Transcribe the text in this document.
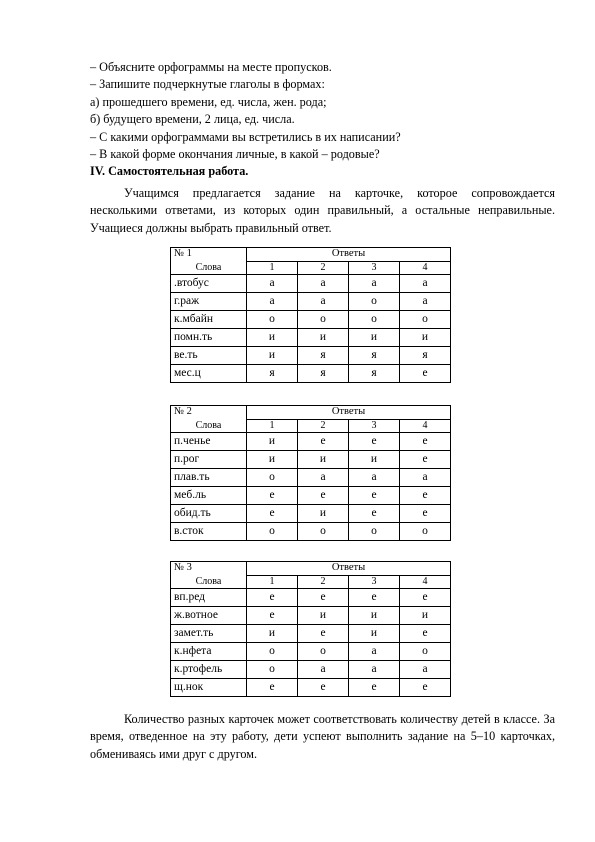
– Объясните орфограммы на месте пропусков.
– Запишите подчеркнутые глаголы в формах:
а) прошедшего времени, ед. числа, жен. рода;
б) будущего времени, 2 лица, ед. числа.
– С какими орфограммами вы встретились в их написании?
– В какой форме окончания личные, в какой – родовые?
IV. Самостоятельная работа.

Учащимся предлагается задание на карточке, которое сопровождается несколькими ответами, из которых один правильный, а остальные неправильные. Учащиеся должны выбрать правильный ответ.

№ 1	Ответы			
Слова	1	2	3	4
.втобус	а	а	а	а
г.раж	а	а	о	а
к.мбайн	о	о	о	о
помн.ть	и	и	и	и
ве.ть	и	я	я	я
мес.ц	я	я	я	е
№ 2	Ответы			
Слова	1	2	3	4
п.ченье	и	е	е	е
п.рог	и	и	и	е
плав.ть	о	а	а	а
меб.ль	е	е	е	е
обид.ть	е	и	е	е
в.сток	о	о	о	о
№ 3	Ответы			
Слова	1	2	3	4
вп.ред	е	е	е	е
ж.вотное	е	и	и	и
замет.ть	и	е	и	е
к.нфета	о	о	а	о
к.ртофель	о	а	а	а
щ.нок	е	е	е	е

Количество разных карточек может соответствовать количеству детей в классе. За время, отведенное на эту работу, дети успеют выполнить задание на 5–10 карточках, обмениваясь ими друг с другом.
